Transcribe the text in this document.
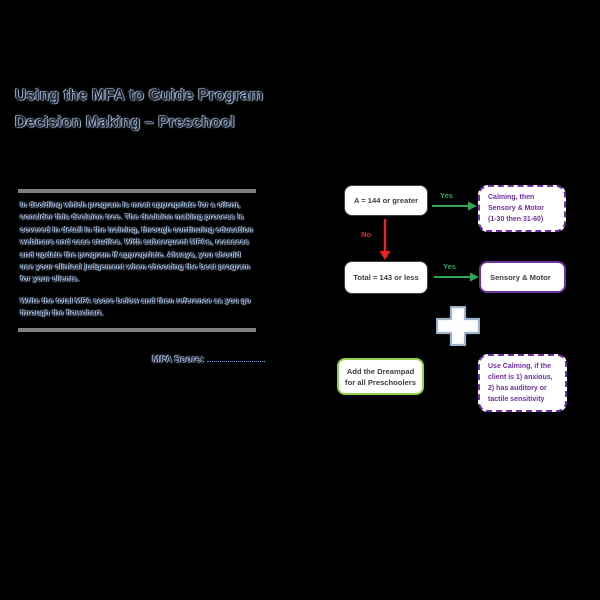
Using the MFA to Guide Program
Decision Making – Preschool

In deciding which program is most appropriate for a client, consider this decision tree. The decision making process is covered in detail in the training, through continuing education webinars and case studies. With subsequent MFAs, reassess and update the program if appropriate. Always, you should use your clinical judgement when choosing the best program for your clients.

Write the total MFA score below and then reference as you go through the flowchart.

MFA Score:
A = 144 or greater
Yes
No
Yes
Calming, then
Sensory & Motor
(1-30 then 31-60)
Total = 143 or less	Sensory & Motor
Add the Dreampad
for all Preschoolers
Use Calming, if the
client is 1) anxious,
2) has auditory or
tactile sensitivity
